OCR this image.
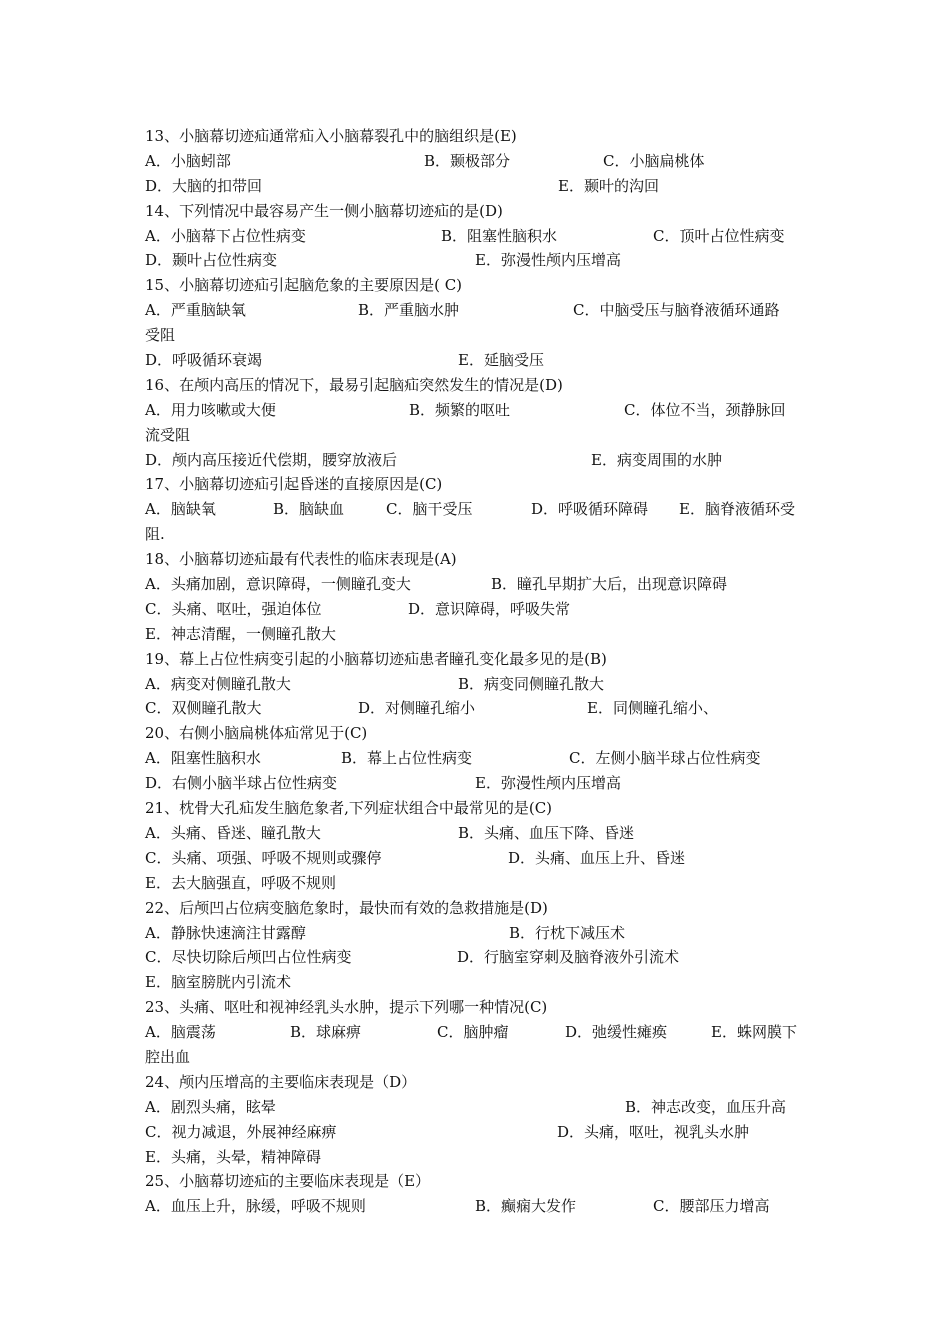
13、小脑幕切迹疝通常疝入小脑幕裂孔中的脑组织是(E)
A．小脑蚓部	B．颞极部分	C．小脑扁桃体
D．大脑的扣带回	E．颞叶的沟回
14、下列情况中最容易产生一侧小脑幕切迹疝的是(D)
A．小脑幕下占位性病变	B．阻塞性脑积水	C．顶叶占位性病变
D．颞叶占位性病变	E．弥漫性颅内压增高
15、小脑幕切迹疝引起脑危象的主要原因是( C)
A．严重脑缺氧	B．严重脑水肿	C．中脑受压与脑脊液循环通路
受阻
D．呼吸循环衰竭	E．延脑受压
16、在颅内高压的情况下，最易引起脑疝突然发生的情况是(D)
A．用力咳嗽或大便	B．频繁的呕吐	C．体位不当，颈静脉回
流受阻
D．颅内高压接近代偿期，腰穿放液后	E．病变周围的水肿
17、小脑幕切迹疝引起昏迷的直接原因是(C)
A．脑缺氧	B．脑缺血	C．脑干受压	D．呼吸循环障碍 E．脑脊液循环受
阻.
18、小脑幕切迹疝最有代表性的临床表现是(A)
A．头痛加剧，意识障碍，一侧瞳孔变大	B．瞳孔早期扩大后，出现意识障碍
C．头痛、呕吐，强迫体位	D．意识障碍，呼吸失常
E．神志清醒，一侧瞳孔散大
19、幕上占位性病变引起的小脑幕切迹疝患者瞳孔变化最多见的是(B)
A．病变对侧瞳孔散大	B．病变同侧瞳孔散大
C．双侧瞳孔散大	D．对侧瞳孔缩小	E．同侧瞳孔缩小、
20、右侧小脑扁桃体疝常见于(C)
A．阻塞性脑积水	B．幕上占位性病变	C．左侧小脑半球占位性病变
D．右侧小脑半球占位性病变	E．弥漫性颅内压增高
21、枕骨大孔疝发生脑危象者,下列症状组合中最常见的是(C)
A．头痛、昏迷、瞳孔散大	B．头痛、血压下降、昏迷
C．头痛、项强、呼吸不规则或骤停	D．头痛、血压上升、昏迷
E．去大脑强直，呼吸不规则
22、后颅凹占位病变脑危象时，最快而有效的急救措施是(D)
A．静脉快速滴注甘露醇	B．行枕下减压术
C．尽快切除后颅凹占位性病变	D．行脑室穿刺及脑脊液外引流术
E．脑室膀胱内引流术
23、头痛、呕吐和视神经乳头水肿，提示下列哪一种情况(C)
A．脑震荡	B．球麻痹	C．脑肿瘤	D．弛缓性瘫痪	E．蛛网膜下
腔出血
24、颅内压增高的主要临床表现是（D）
A．剧烈头痛，眩晕	B．神志改变，血压升高
C．视力减退，外展神经麻痹	D．头痛，呕吐，视乳头水肿
E．头痛，头晕，精神障碍
25、小脑幕切迹疝的主要临床表现是（E）
A．血压上升，脉缓，呼吸不规则	B．癫痫大发作	C．腰部压力增高
